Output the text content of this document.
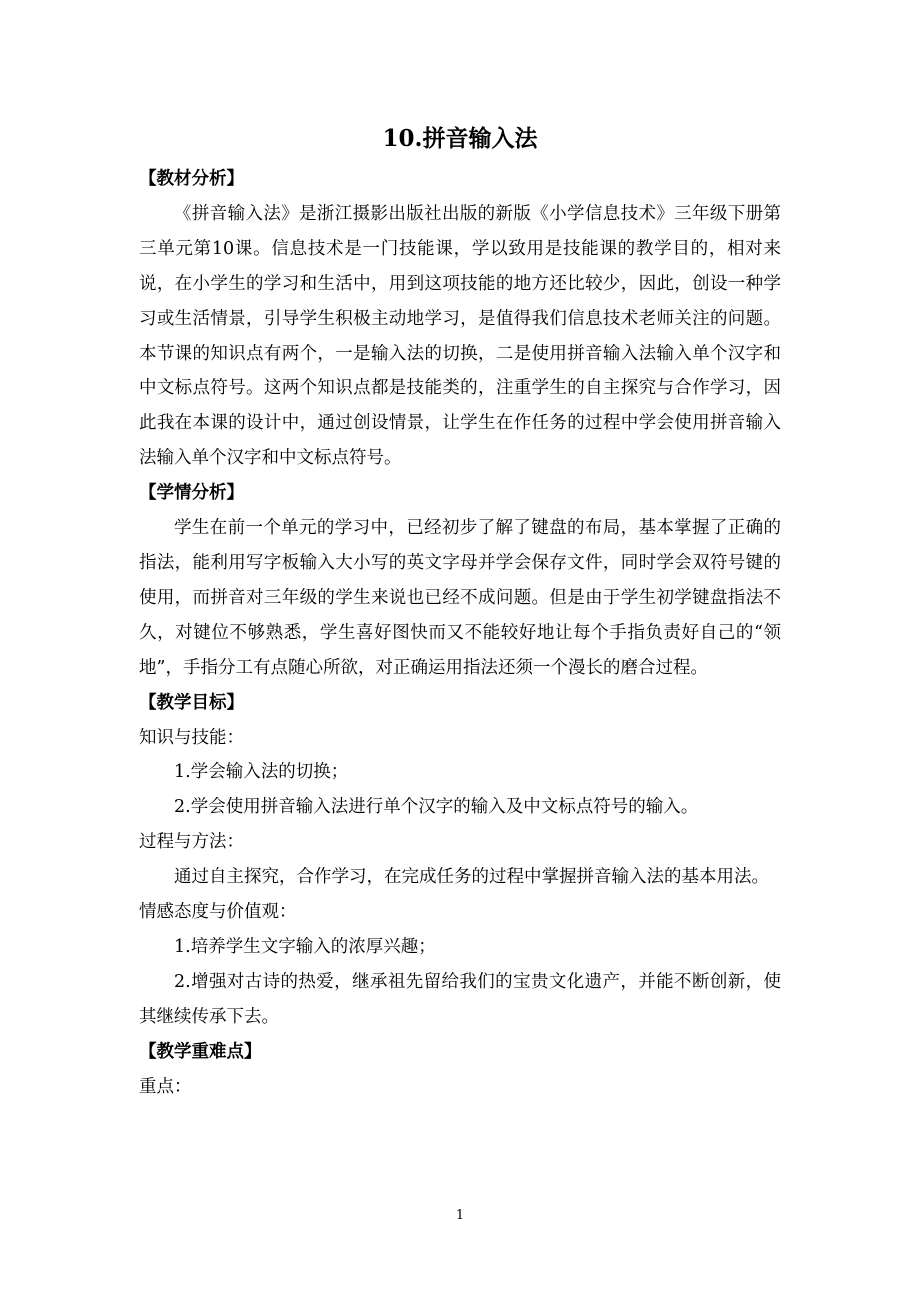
10.拼音输入法

【教材分析】

《拼音输入法》是浙江摄影出版社出版的新版《小学信息技术》三年级下册第三单元第10课。信息技术是一门技能课，学以致用是技能课的教学目的，相对来说，在小学生的学习和生活中，用到这项技能的地方还比较少，因此，创设一种学习或生活情景，引导学生积极主动地学习，是值得我们信息技术老师关注的问题。本节课的知识点有两个，一是输入法的切换，二是使用拼音输入法输入单个汉字和中文标点符号。这两个知识点都是技能类的，注重学生的自主探究与合作学习，因此我在本课的设计中，通过创设情景，让学生在作任务的过程中学会使用拼音输入法输入单个汉字和中文标点符号。

【学情分析】

学生在前一个单元的学习中，已经初步了解了键盘的布局，基本掌握了正确的指法，能利用写字板输入大小写的英文字母并学会保存文件，同时学会双符号键的使用，而拼音对三年级的学生来说也已经不成问题。但是由于学生初学键盘指法不久，对键位不够熟悉，学生喜好图快而又不能较好地让每个手指负责好自己的“领地”，手指分工有点随心所欲，对正确运用指法还须一个漫长的磨合过程。

【教学目标】

知识与技能：

1.学会输入法的切换；

2.学会使用拼音输入法进行单个汉字的输入及中文标点符号的输入。

过程与方法：

通过自主探究，合作学习，在完成任务的过程中掌握拼音输入法的基本用法。

情感态度与价值观：

1.培养学生文字输入的浓厚兴趣；

2.增强对古诗的热爱，继承祖先留给我们的宝贵文化遗产，并能不断创新，使其继续传承下去。

【教学重难点】

重点：

1
